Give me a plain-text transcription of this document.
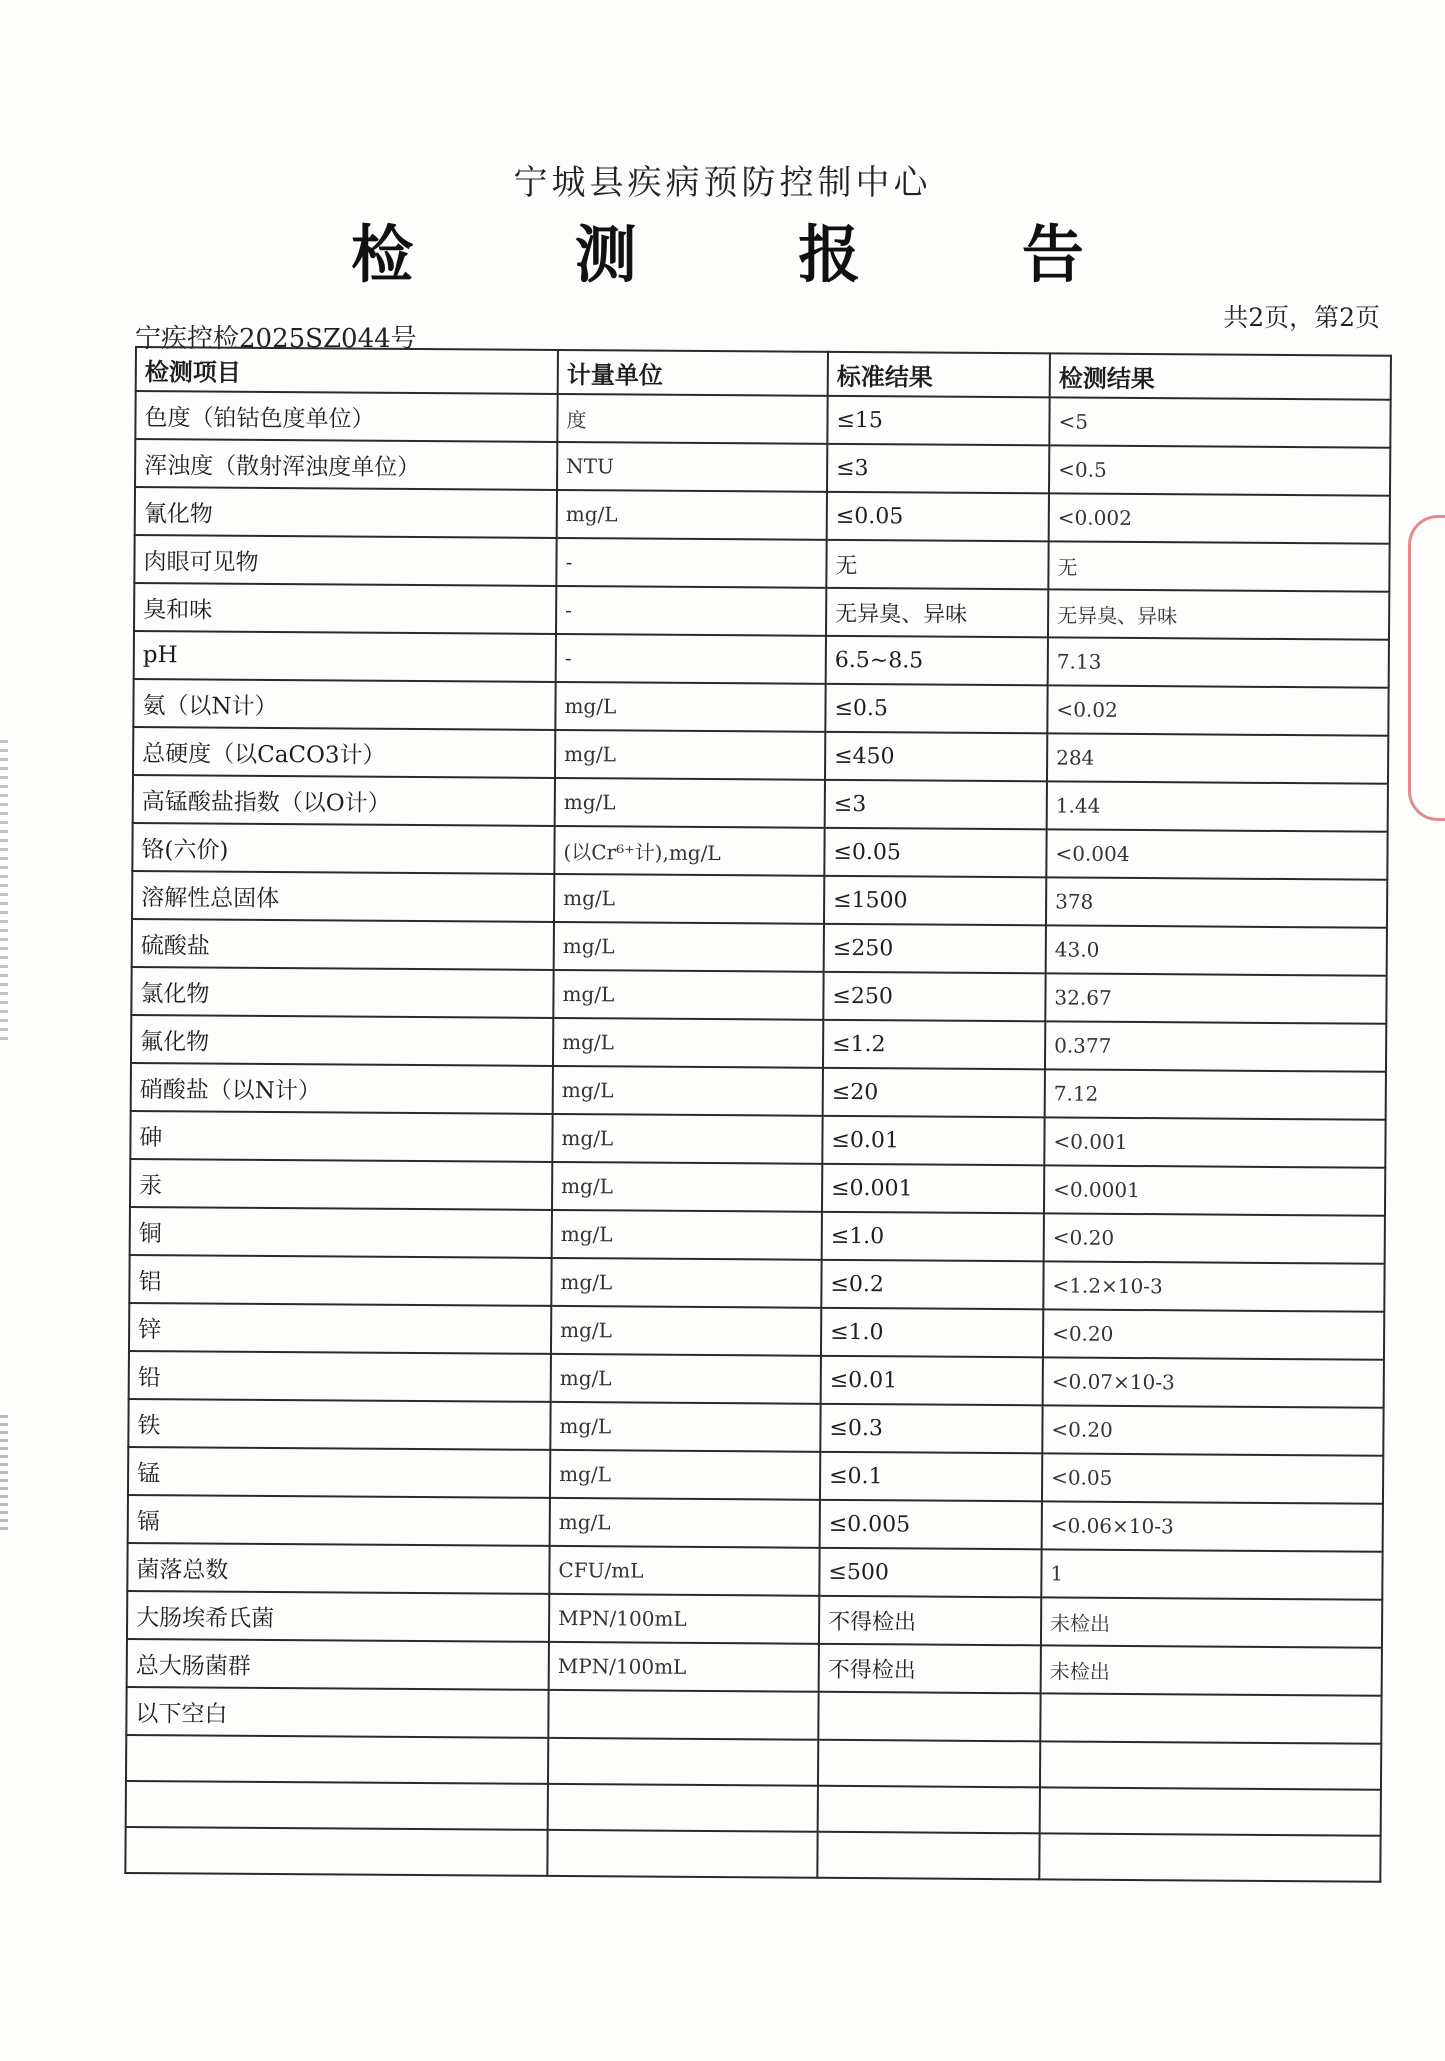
宁城县疾病预防控制中心
检 测 报 告
宁疾控检2025SZ044号
共2页，第2页
检测项目	计量单位	标准结果	检测结果
色度（铂钴色度单位）	度	≤15	<5
浑浊度（散射浑浊度单位）	NTU	≤3	<0.5
氰化物	mg/L	≤0.05	<0.002
肉眼可见物	-	无	无
臭和味	-	无异臭、异味	无异臭、异味
pH	-	6.5~8.5	7.13
氨（以N计）	mg/L	≤0.5	<0.02
总硬度（以CaCO3计）	mg/L	≤450	284
高锰酸盐指数（以O计）	mg/L	≤3	1.44
铬(六价)	(以Cr⁶⁺计),mg/L	≤0.05	<0.004
溶解性总固体	mg/L	≤1500	378
硫酸盐	mg/L	≤250	43.0
氯化物	mg/L	≤250	32.67
氟化物	mg/L	≤1.2	0.377
硝酸盐（以N计）	mg/L	≤20	7.12
砷	mg/L	≤0.01	<0.001
汞	mg/L	≤0.001	<0.0001
铜	mg/L	≤1.0	<0.20
铝	mg/L	≤0.2	<1.2×10-3
锌	mg/L	≤1.0	<0.20
铅	mg/L	≤0.01	<0.07×10-3
铁	mg/L	≤0.3	<0.20
锰	mg/L	≤0.1	<0.05
镉	mg/L	≤0.005	<0.06×10-3
菌落总数	CFU/mL	≤500	1
大肠埃希氏菌	MPN/100mL	不得检出	未检出
总大肠菌群	MPN/100mL	不得检出	未检出
以下空白			
